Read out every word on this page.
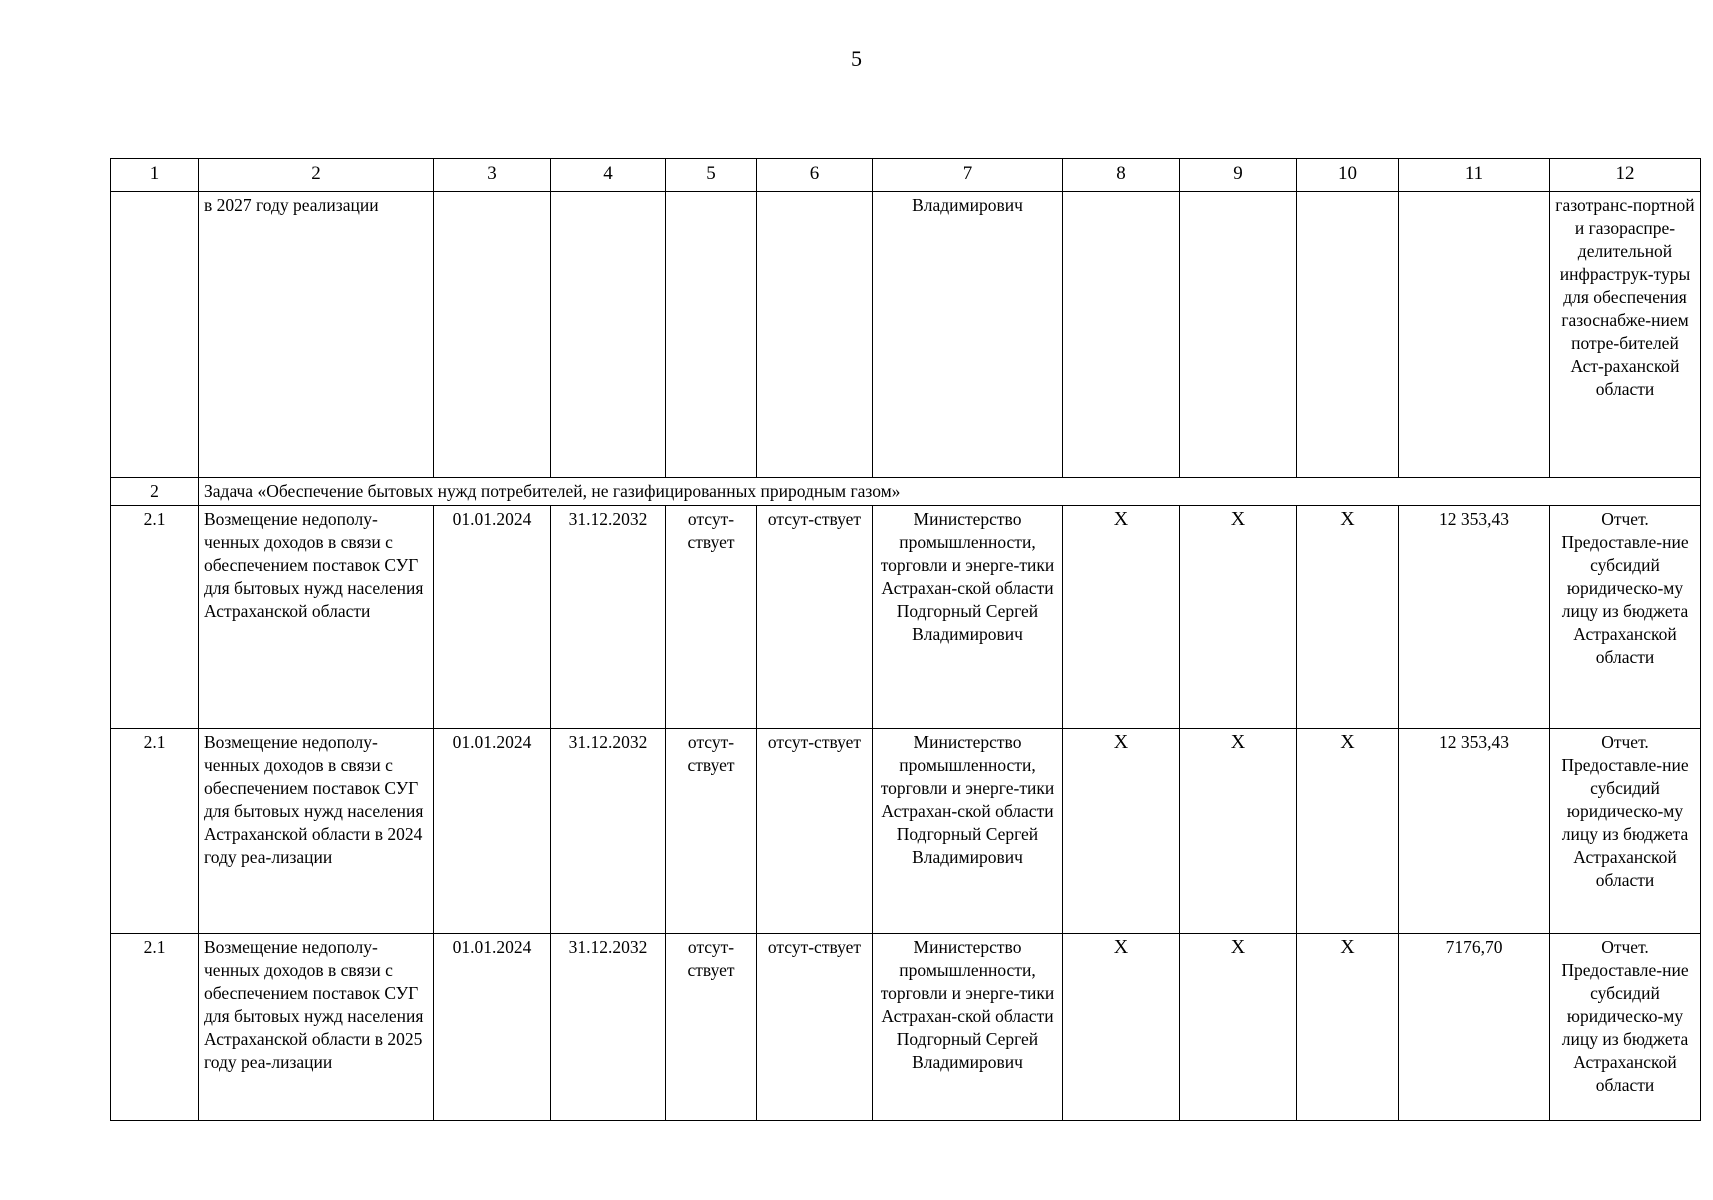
5
1	2	3	4	5	6	7	8	9	10	11	12
	в 2027 году реализации					Владимирович					газотранс-портной и газораспре-делительной инфраструк-туры для обеспечения газоснабже-нием потре-бителей Аст-раханской области
2	Задача «Обеспечение бытовых нужд потребителей, не газифицированных природным газом»										
2.1	Возмещение недополу-ченных доходов в связи с обеспечением поставок СУГ для бытовых нужд населения Астраханской области	01.01.2024	31.12.2032	отсут-ствует	отсут-ствует	Министерство промышленности, торговли и энерге-тики Астрахан-ской области Подгорный Сергей Владимирович	Х	Х	Х	12 353,43	Отчет. Предоставле-ние субсидий юридическо-му лицу из бюджета Астраханской области
2.1	Возмещение недополу-ченных доходов в связи с обеспечением поставок СУГ для бытовых нужд населения Астраханской области в 2024 году реа-лизации	01.01.2024	31.12.2032	отсут-ствует	отсут-ствует	Министерство промышленности, торговли и энерге-тики Астрахан-ской области Подгорный Сергей Владимирович	Х	Х	Х	12 353,43	Отчет. Предоставле-ние субсидий юридическо-му лицу из бюджета Астраханской области
2.1	Возмещение недополу-ченных доходов в связи с обеспечением поставок СУГ для бытовых нужд населения Астраханской области в 2025 году реа-лизации	01.01.2024	31.12.2032	отсут-ствует	отсут-ствует	Министерство промышленности, торговли и энерге-тики Астрахан-ской области Подгорный Сергей Владимирович	Х	Х	Х	7176,70	Отчет. Предоставле-ние субсидий юридическо-му лицу из бюджета Астраханской области
